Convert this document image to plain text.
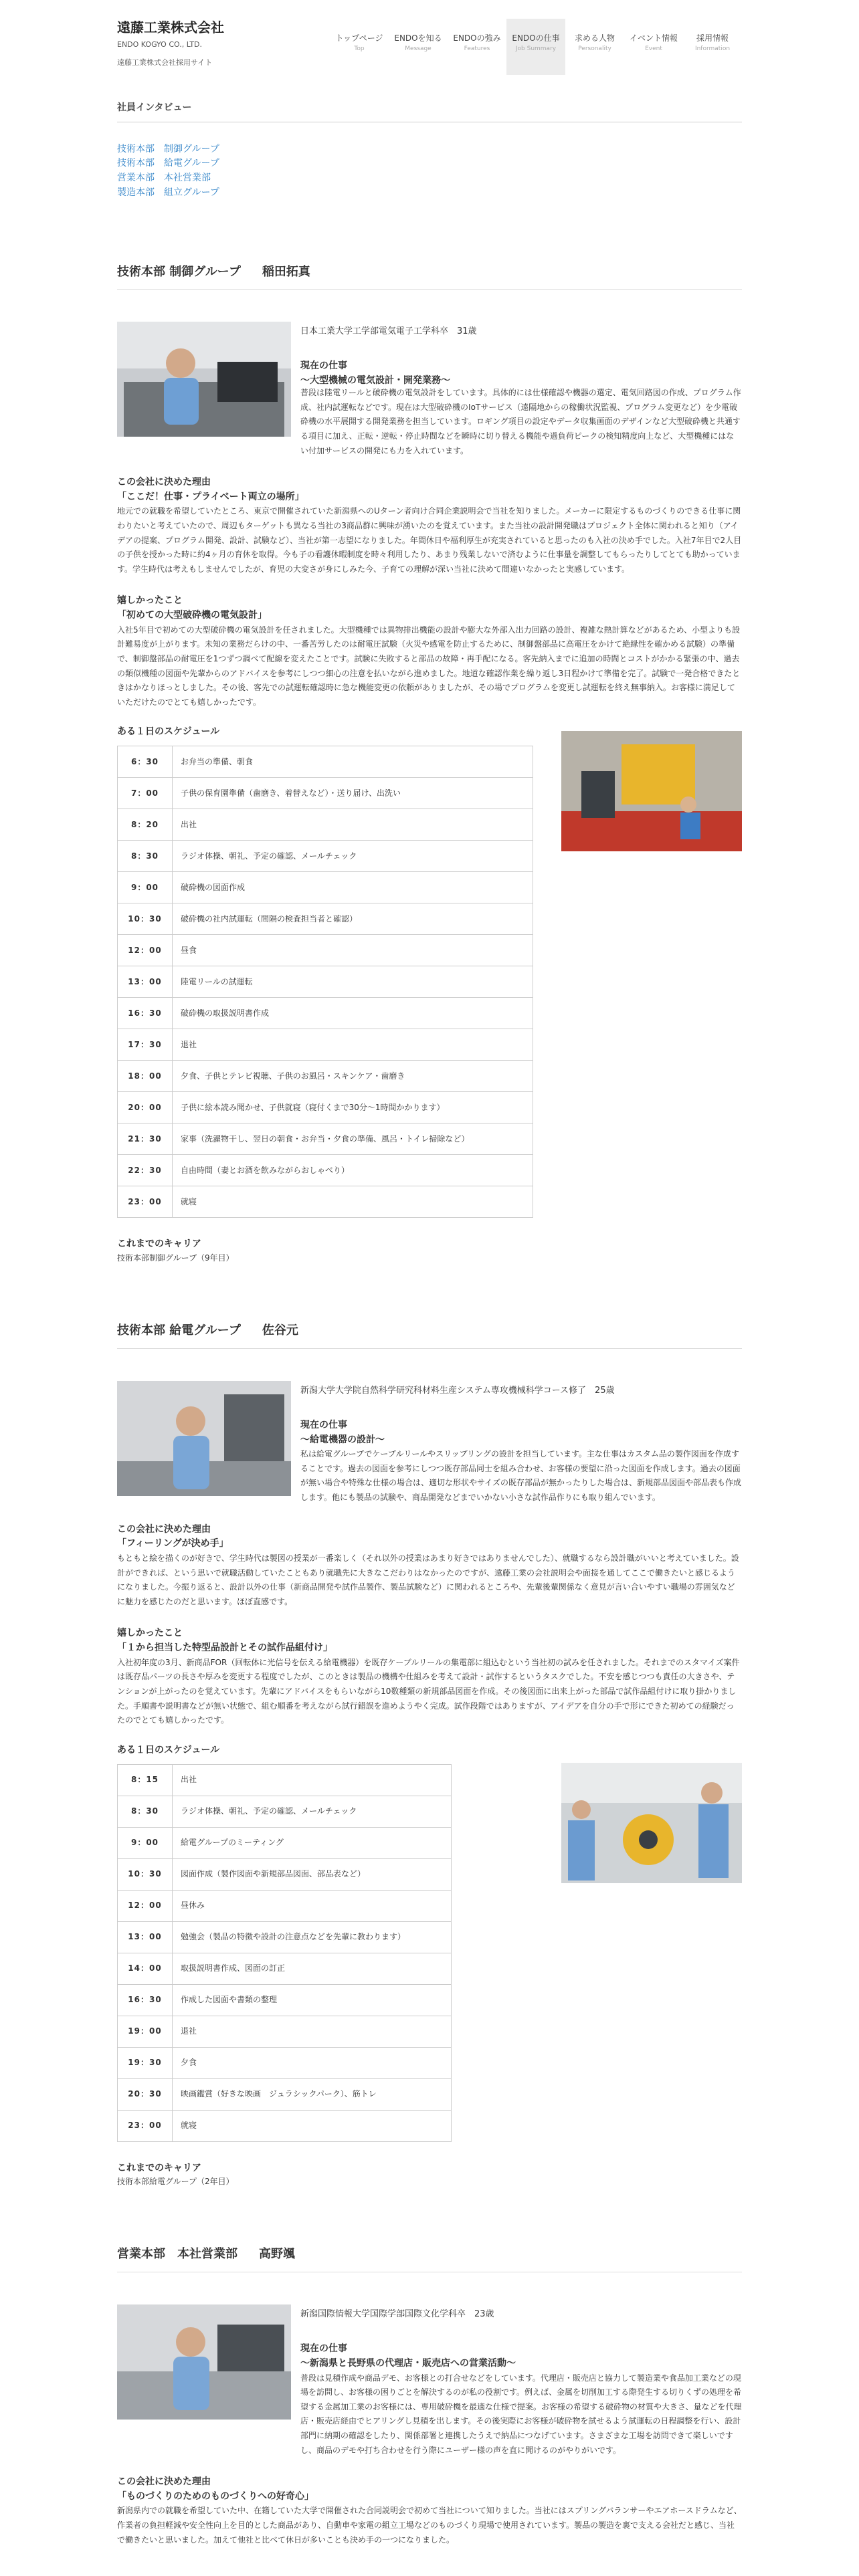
遠藤工業株式会社
ENDO KOGYO CO., LTD.
遠藤工業株式会社採用サイト
トップページ
Top
ENDOを知る
Message
ENDOの強み
Features
ENDOの仕事
Job Summary
求める人物
Personality
イベント情報
Event
採用情報
Information
社員インタビュー
技術本部　制御グループ
技術本部　給電グループ
営業本部　本社営業部
製造本部　組立グループ
技術本部 制御グループ 稲田拓真

日本工業大学工学部電気電子工学科卒　31歳

現在の仕事
～大型機械の電気設計・開発業務～

普段は陸電リールと破砕機の電気設計をしています。具体的には仕様確認や機器の選定、電気回路図の作成、プログラム作成、社内試運転などです。現在は大型破砕機のIoTサービス（遠隔地からの稼働状況監視、プログラム変更など）を少電破砕機の水平展開する開発業務を担当しています。ロギング項目の設定やデータ収集画面のデザインなど大型破砕機と共通する項目に加え、正転・逆転・停止時間などを瞬時に切り替える機能や過負荷ピークの検知精度向上など、大型機種にはない付加サービスの開発にも力を入れています。

この会社に決めた理由
「ここだ！仕事・プライベート両立の場所」

地元での就職を希望していたところ、東京で開催されていた新潟県へのUターン者向け合同企業説明会で当社を知りました。メーカーに限定するものづくりのできる仕事に関わりたいと考えていたので、周辺もターゲットも異なる当社の3商品群に興味が湧いたのを覚えています。また当社の設計開発職はプロジェクト全体に関われると知り（アイデアの提案、プログラム開発、設計、試験など）、当社が第一志望になりました。年間休日や福利厚生が充実されていると思ったのも入社の決め手でした。入社7年目で2人目の子供を授かった時に約4ヶ月の育休を取得。今も子の看護休暇制度を時々利用したり、あまり残業しないで済むように仕事量を調整してもらったりしてとても助かっています。学生時代は考えもしませんでしたが、育児の大変さが身にしみた今、子育ての理解が深い当社に決めて間違いなかったと実感しています。

嬉しかったこと
「初めての大型破砕機の電気設計」

入社5年目で初めての大型破砕機の電気設計を任されました。大型機種では異物排出機能の設計や膨大な外部入出力回路の設計、複雑な熱計算などがあるため、小型よりも設計難易度が上がります。未知の業務だらけの中、一番苦労したのは耐電圧試験（火災や感電を防止するために、制御盤部品に高電圧をかけて絶縁性を確かめる試験）の準備で、制御盤部品の耐電圧を1つずつ調べて配線を変えたことです。試験に失敗すると部品の故障・再手配になる。客先納入までに追加の時間とコストがかかる緊張の中、過去の類似機種の図面や先輩からのアドバイスを参考にしつつ細心の注意を払いながら進めました。地道な確認作業を繰り返し3日程かけて準備を完了。試験で一発合格できたときはかなりほっとしました。その後、客先での試運転確認時に急な機能変更の依頼がありましたが、その場でプログラムを変更し試運転を終え無事納入。お客様に満足していただけたのでとても嬉しかったです。

ある１日のスケジュール
6：30	お弁当の準備、朝食
7：00	子供の保育園準備（歯磨き、着替えなど）・送り届け、出洗い
8：20	出社
8：30	ラジオ体操、朝礼、予定の確認、メールチェック
9：00	破砕機の図面作成
10：30	破砕機の社内試運転（間隔の検査担当者と確認）
12：00	昼食
13：00	陸電リールの試運転
16：30	破砕機の取扱説明書作成
17：30	退社
18：00	夕食、子供とテレビ視聴、子供のお風呂・スキンケア・歯磨き
20：00	子供に絵本読み聞かせ、子供就寝（寝付くまで30分〜1時間かかります）
21：30	家事（洗濯物干し、翌日の朝食・お弁当・夕食の準備、風呂・トイレ掃除など）
22：30	自由時間（妻とお酒を飲みながらおしゃべり）
23：00	就寝
これまでのキャリア

技術本部制御グループ（9年目）

技術本部 給電グループ 佐谷元

新潟大学大学院自然科学研究科材料生産システム専攻機械科学コース修了　25歳

現在の仕事
～給電機器の設計～

私は給電グループでケーブルリールやスリップリングの設計を担当しています。主な仕事はカスタム品の製作図面を作成することです。過去の図面を参考にしつつ既存部品同士を組み合わせ、お客様の要望に沿った図面を作成します。過去の図面が無い場合や特殊な仕様の場合は、適切な形状やサイズの既存部品が無かったりした場合は、新規部品図面や部品表も作成します。他にも製品の試験や、商品開発などまでいかない小さな試作品作りにも取り組んでいます。

この会社に決めた理由
「フィーリングが決め手」

もともと絵を描くのが好きで、学生時代は製図の授業が一番楽しく（それ以外の授業はあまり好きではありませんでした）、就職するなら設計職がいいと考えていました。設計ができれば、という思いで就職活動していたこともあり就職先に大きなこだわりはなかったのですが、遠藤工業の会社説明会や面接を通してここで働きたいと感じるようになりました。今振り返ると、設計以外の仕事（新商品開発や試作品製作、製品試験など）に関われるところや、先輩後輩関係なく意見が言い合いやすい職場の雰囲気などに魅力を感じたのだと思います。ほぼ直感です。

嬉しかったこと
「１から担当した特型品設計とその試作品組付け」

入社初年度の3月、新商品FOR（回転体に光信号を伝える給電機器）を既存ケーブルリールの集電部に組込むという当社初の試みを任されました。それまでのスタマイズ案件は既存品パーツの長さや厚みを変更する程度でしたが、このときは製品の機構や仕組みを考えて設計・試作するというタスクでした。不安を感じつつも責任の大きさや、テンションが上がったのを覚えています。先輩にアドバイスをもらいながら10数種類の新規部品図面を作成。その後図面に出来上がった部品で試作品組付けに取り掛かりました。手順書や説明書などが無い状態で、組む順番を考えながら試行錯誤を進めようやく完成。試作段階ではありますが、アイデアを自分の手で形にできた初めての経験だったのでとても嬉しかったです。

ある１日のスケジュール
8：15	出社
8：30	ラジオ体操、朝礼、予定の確認、メールチェック
9：00	給電グループのミーティング
10：30	図面作成（製作図面や新規部品図面、部品表など）
12：00	昼休み
13：00	勉強会（製品の特徴や設計の注意点などを先輩に教わります）
14：00	取扱説明書作成、図面の訂正
16：30	作成した図面や書類の整理
19：00	退社
19：30	夕食
20：30	映画鑑賞（好きな映画　ジュラシックパーク）、筋トレ
23：00	就寝
これまでのキャリア

技術本部給電グループ（2年目）

営業本部　本社営業部 高野颯

新潟国際情報大学国際学部国際文化学科卒　23歳

現在の仕事
～新潟県と長野県の代理店・販売店への営業活動～

普段は見積作成や商品デモ、お客様との打合せなどをしています。代理店・販売店と協力して製造業や食品加工業などの現場を訪問し、お客様の困りごとを解決するのが私の役割です。例えば、金属を切削加工する際発生する切りくずの処理を希望する金属加工業のお客様には、専用破砕機を最適な仕様で提案。お客様の希望する破砕物の材質や大きさ、量などを代理店・販売店経由でヒアリングし見積を出します。その後実際にお客様が破砕物を試せるよう試運転の日程調整を行い、設計部門に納期の確認をしたり、関係部署と連携したうえで納品につなげています。さまざまな工場を訪問できて楽しいですし、商品のデモや打ち合わせを行う際にユーザー様の声を直に聞けるのがやりがいです。

この会社に決めた理由
「ものづくりのためのものづくりへの好奇心」

新潟県内での就職を希望していた中、在籍していた大学で開催された合同説明会で初めて当社について知りました。当社にはスプリングバランサーやエアホースドラムなど、作業者の負担軽減や安全性向上を目的とした商品があり、自動車や家電の組立工場などのものづくり現場で使用されています。製品の製造を裏で支える会社だと感じ、当社で働きたいと思いました。加えて他社と比べて休日が多いことも決め手の一つになりました。
